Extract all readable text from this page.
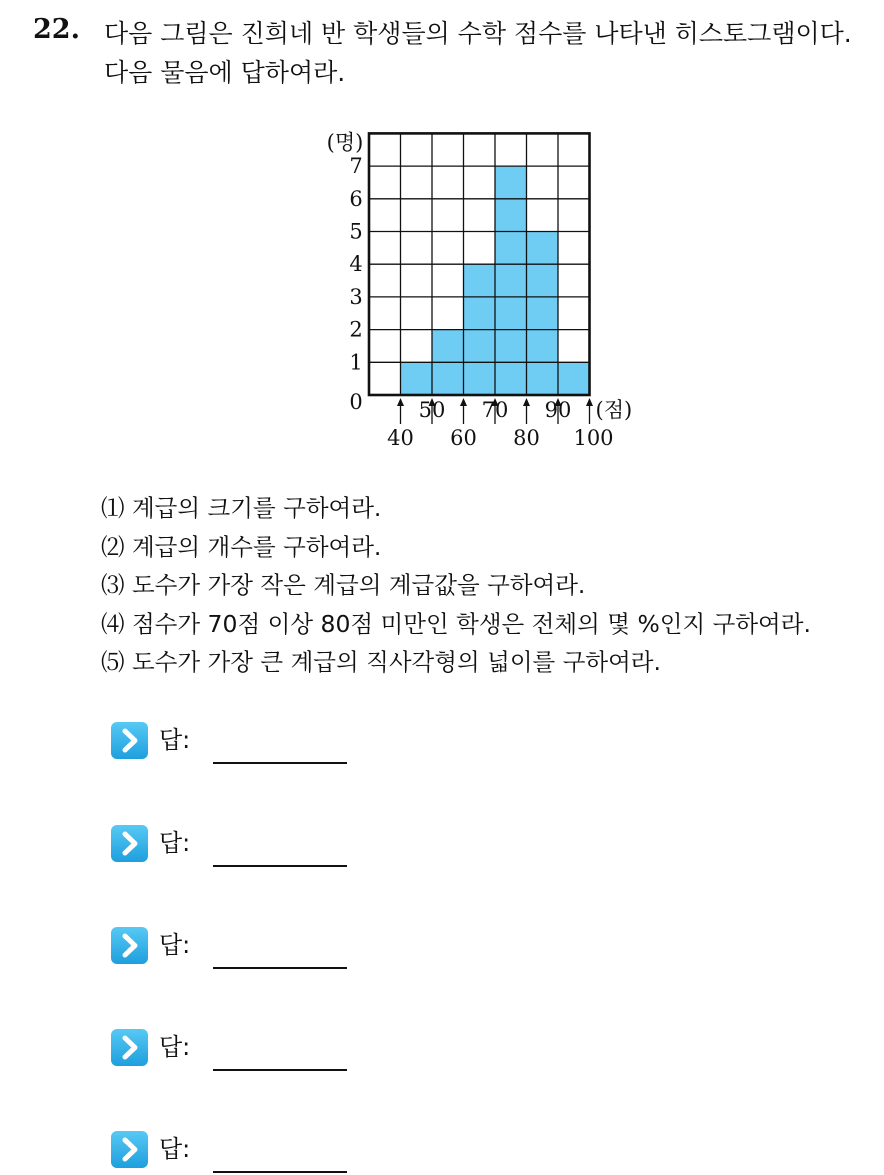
22. 다음 그림은 진희네 반 학생들의 수학 점수를 나타낸 히스토그램이다. 다음 물음에 답하여라.
0
1
2
3
4
5
6
7
(명)
50 70 90
40 60 80 100
(점)
⑴ 계급의 크기를 구하여라.
⑵ 계급의 개수를 구하여라.
⑶ 도수가 가장 작은 계급의 계급값을 구하여라.
⑷ 점수가 70점 이상 80점 미만인 학생은 전체의 몇 %인지 구하여라.
⑸ 도수가 가장 큰 계급의 직사각형의 넓이를 구하여라.
답:
답:
답:
답:
답:
